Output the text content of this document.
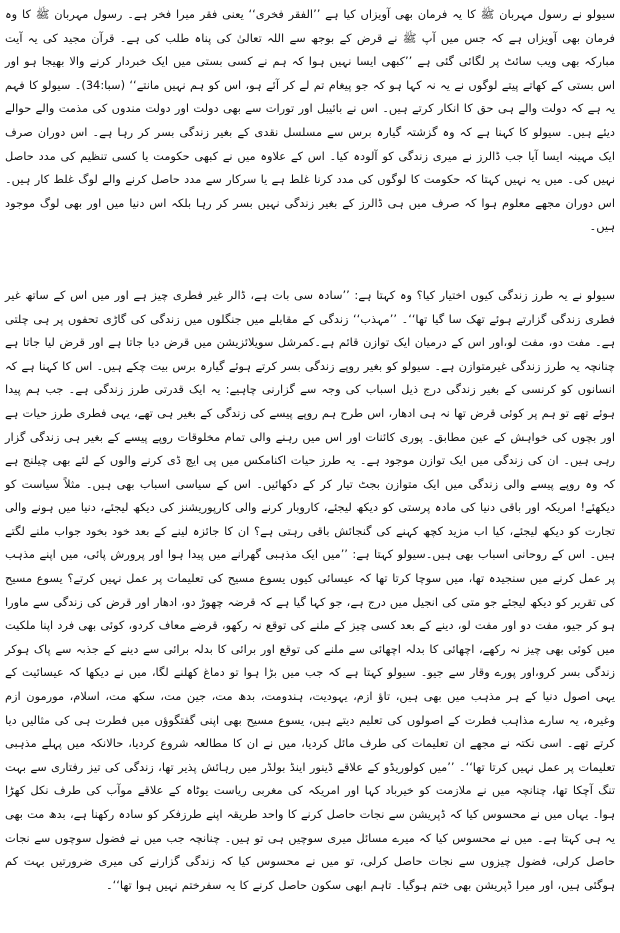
سیولو نے رسول مہربان ﷺ کا یہ فرمان بھی آویزاں کیا ہے ’’الفقر فخری‘‘ یعنی فقر میرا فخر ہے۔ رسول مہربان ﷺ کا وہ فرمان بھی آویزاں ہے کہ جس میں آپ ﷺ نے قرض کے بوجھ سے اللہ تعالیٰ کی پناہ طلب کی ہے۔ قرآن مجید کی یہ آیت مبارکہ بھی ویب سائٹ پر لگائی گئی ہے ’’کبھی ایسا نہیں ہوا کہ ہم نے کسی بستی میں ایک خبردار کرنے والا بھیجا ہو اور اس بستی کے کھاتے پیتے لوگوں نے یہ نہ کہا ہو کہ جو پیغام تم لے کر آئے ہو، اس کو ہم نہیں مانتے‘‘ (سبا:34)۔ سیولو کا فہم یہ ہے کہ دولت والے ہی حق کا انکار کرتے ہیں۔ اس نے بائیبل اور تورات سے بھی دولت اور دولت مندوں کی مذمت والے حوالے دیئے ہیں۔ سیولو کا کہنا ہے کہ وہ گزشتہ گیارہ برس سے مسلسل نقدی کے بغیر زندگی بسر کر رہا ہے۔ اس دوران صرف ایک مہینہ ایسا آیا جب ڈالرز نے میری زندگی کو آلودہ کیا۔ اس کے علاوہ میں نے کبھی حکومت یا کسی تنظیم کی مدد حاصل نہیں کی۔ میں یہ نہیں کہتا کہ حکومت کا لوگوں کی مدد کرنا غلط ہے یا سرکار سے مدد حاصل کرنے والے لوگ غلط کار ہیں۔ اس دوران مجھے معلوم ہوا کہ صرف میں ہی ڈالرز کے بغیر زندگی نہیں بسر کر رہا بلکہ اس دنیا میں اور بھی لوگ موجود ہیں۔

سیولو نے یہ طرز زندگی کیوں اختیار کیا؟ وہ کہتا ہے: ’’سادہ سی بات ہے، ڈالر غیر فطری چیز ہے اور میں اس کے ساتھ غیر فطری زندگی گزارتے ہوئے تھک سا گیا تھا‘‘۔ ’’مہذب‘‘ زندگی کے مقابلے میں جنگلوں میں زندگی کی گاڑی تحفوں پر ہی چلتی ہے۔ مفت دو، مفت لو،اور اس کے درمیان ایک توازن قائم ہے۔کمرشل سویلائزیشن میں قرض دیا جاتا ہے اور قرض لیا جاتا ہے چنانچہ یہ طرز زندگی غیرمتوازن ہے۔ سیولو کو بغیر روپے زندگی بسر کرتے ہوئے گیارہ برس بیت چکے ہیں۔ اس کا کہنا ہے کہ انسانوں کو کرنسی کے بغیر زندگی درج ذیل اسباب کی وجہ سے گزارنی چاہیے: یہ ایک قدرتی طرز زندگی ہے۔ جب ہم پیدا ہوئے تھے تو ہم پر کوئی قرض تھا نہ ہی ادھار، اس طرح ہم روپے پیسے کی زندگی کے بغیر ہی تھے، یہی فطری طرز حیات ہے اور بچوں کی خواہش کے عین مطابق۔ پوری کائنات اور اس میں رہنے والی تمام مخلوقات روپے پیسے کے بغیر ہی زندگی گزار رہی ہیں۔ ان کی زندگی میں ایک توازن موجود ہے۔ یہ طرز حیات اکنامکس میں پی ایچ ڈی کرنے والوں کے لئے بھی چیلنج ہے کہ وہ روپے پیسے والی زندگی میں ایک متوازن بجٹ تیار کر کے دکھائیں۔ اس کے سیاسی اسباب بھی ہیں۔ مثلاً سیاست کو دیکھئے! امریکہ اور باقی دنیا کی مادہ پرستی کو دیکھ لیجئے، کاروبار کرنے والی کارپوریشنز کی دیکھ لیجئے، دنیا میں ہونے والی تجارت کو دیکھ لیجئے، کیا اب مزید کچھ کہنے کی گنجائش باقی رہتی ہے؟ ان کا جائزہ لینے کے بعد خود بخود جواب ملنے لگتے ہیں۔ اس کے روحانی اسباب بھی ہیں۔سیولو کہتا ہے: ’’میں ایک مذہبی گھرانے میں پیدا ہوا اور پرورش پائی، میں اپنے مذہب پر عمل کرنے میں سنجیدہ تھا، میں سوچا کرتا تھا کہ عیسائی کیوں یسوع مسیح کی تعلیمات پر عمل نہیں کرتے؟ یسوع مسیح کی تقریر کو دیکھ لیجئے جو متی کی انجیل میں درج ہے، جو کہا گیا ہے کہ قرضہ چھوڑ دو، ادھار اور قرض کی زندگی سے ماورا ہو کر جیو، مفت دو اور مفت لو، دینے کے بعد کسی چیز کے ملنے کی توقع نہ رکھو، قرضے معاف کردو، کوئی بھی فرد اپنا ملکیت میں کوئی بھی چیز نہ رکھے، اچھائی کا بدلہ اچھائی سے ملنے کی توقع اور برائی کا بدلہ برائی سے دینے کے جذبہ سے پاک ہوکر زندگی بسر کرو،اور پورے وقار سے جیو۔ سیولو کہتا ہے کہ جب میں بڑا ہوا تو دماغ کھلنے لگا، میں نے دیکھا کہ عیسائیت کے یہی اصول دنیا کے ہر مذہب میں بھی ہیں، تاؤ ازم، یہودیت، ہندومت، بدھ مت، جین مت، سکھ مت، اسلام، مورمون ازم وغیرہ، یہ سارے مذاہب فطرت کے اصولوں کی تعلیم دیتے ہیں، یسوع مسیح بھی اپنی گفتگوؤں میں فطرت ہی کی مثالیں دیا کرتے تھے۔ اسی نکتہ نے مجھے ان تعلیمات کی طرف مائل کردیا، میں نے ان کا مطالعہ شروع کردیا، حالانکہ میں پہلے مذہبی تعلیمات پر عمل نہیں کرتا تھا‘‘۔ ’’میں کولوریڈو کے علاقے ڈینور اینڈ بولڈر میں رہائش پذیر تھا، زندگی کی تیز رفتاری سے بہت تنگ آچکا تھا، چنانچہ میں نے ملازمت کو خیرباد کہا اور امریکہ کی مغربی ریاست یوٹاہ کے علاقے موآب کی طرف نکل کھڑا ہوا۔ یہاں میں نے محسوس کیا کہ ڈپریشن سے نجات حاصل کرنے کا واحد طریقہ اپنے طرزفکر کو سادہ رکھنا ہے، بدھ مت بھی یہ ہی کہتا ہے۔ میں نے محسوس کیا کہ میرے مسائل میری سوچیں ہی تو ہیں۔ چنانچہ جب میں نے فضول سوچوں سے نجات حاصل کرلی، فضول چیزوں سے نجات حاصل کرلی، تو میں نے محسوس کیا کہ زندگی گزارنے کی میری ضرورتیں بہت کم ہوگئی ہیں، اور میرا ڈپریشن بھی ختم ہوگیا۔ تاہم ابھی سکون حاصل کرنے کا یہ سفرختم نہیں ہوا تھا‘‘۔
